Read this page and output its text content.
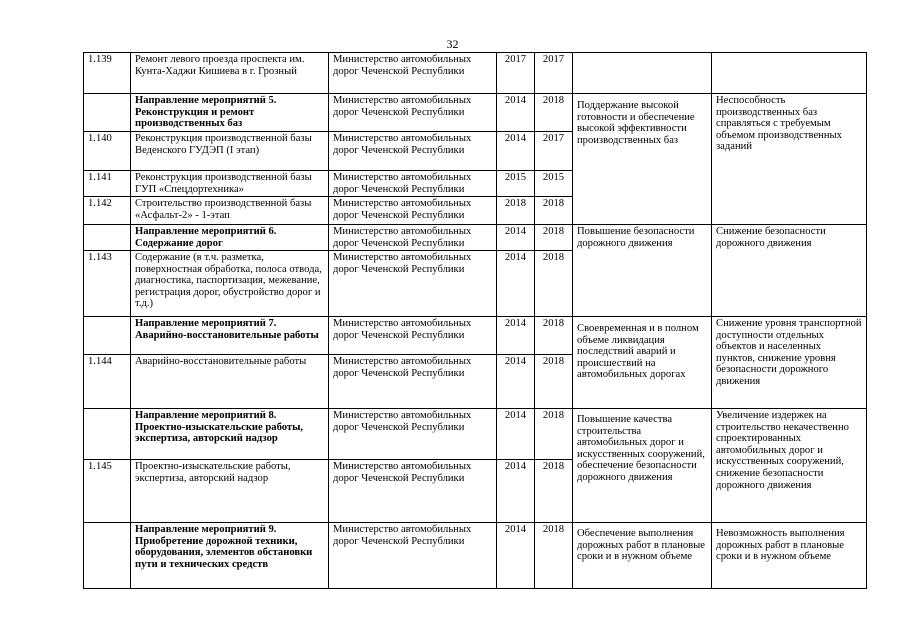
32
1.139	Ремонт левого проезда проспекта им. Кунта-Хаджи Кишиева в г. Грозный	Министерство автомобильных дорог Чеченской Республики	2017	2017		
	Направление мероприятий 5. Реконструкция и ремонт производственных баз	Министерство автомобильных дорог Чеченской Республики	2014	2018	Поддержание высокой готовности и обеспечение высокой эффективности производственных баз	Неспособность производственных баз справляться с требуемым объемом производственных заданий
1.140	Реконструкция производственной базы Веденского ГУДЭП (I этап)	Министерство автомобильных дорог Чеченской Республики	2014	2017		
1.141	Реконструкция производственной базы ГУП «Спецдортехника»	Министерство автомобильных дорог Чеченской Республики	2015	2015		
1.142	Строительство производственной базы «Асфальт-2» - 1-этап	Министерство автомобильных дорог Чеченской Республики	2018	2018		
	Направление мероприятий 6. Содержание дорог	Министерство автомобильных дорог Чеченской Республики	2014	2018	Повышение безопасности дорожного движения	Снижение безопасности дорожного движения
1.143	Содержание (в т.ч. разметка, поверхностная обработка, полоса отвода, диагностика, паспортизация, межевание, регистрация дорог, обустройство дорог и т.д.)	Министерство автомобильных дорог Чеченской Республики	2014	2018		
	Направление мероприятий 7. Аварийно-восстановительные работы	Министерство автомобильных дорог Чеченской Республики	2014	2018	Своевременная и в полном объеме ликвидация последствий аварий и происшествий на автомобильных дорогах	Снижение уровня транспортной доступности отдельных объектов и населенных пунктов, снижение уровня безопасности дорожного движения
1.144	Аварийно-восстановительные работы	Министерство автомобильных дорог Чеченской Республики	2014	2018		
	Направление мероприятий 8. Проектно-изыскательские работы, экспертиза, авторский надзор	Министерство автомобильных дорог Чеченской Республики	2014	2018	Повышение качества строительства автомобильных дорог и искусственных сооружений, обеспечение безопасности дорожного движения	Увеличение издержек на строительство некачественно спроектированных автомобильных дорог и искусственных сооружений, снижение безопасности дорожного движения
1.145	Проектно-изыскательские работы, экспертиза, авторский надзор	Министерство автомобильных дорог Чеченской Республики	2014	2018		
	Направление мероприятий 9. Приобретение дорожной техники, оборудования, элементов обстановки пути и технических средств	Министерство автомобильных дорог Чеченской Республики	2014	2018	Обеспечение выполнения дорожных работ в плановые сроки и в нужном объеме	Невозможность выполнения дорожных работ в плановые сроки и в нужном объеме
